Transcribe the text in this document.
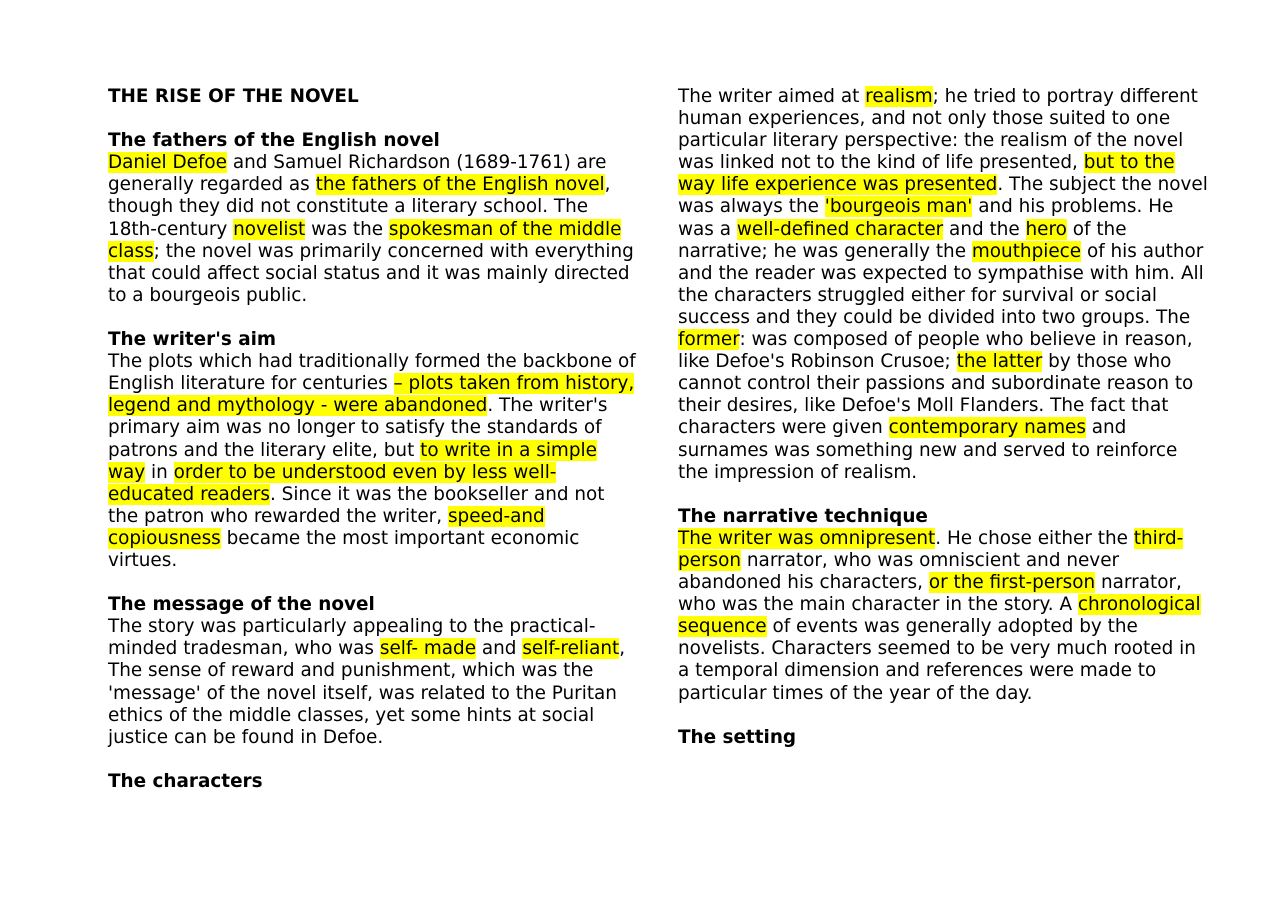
THE RISE OF THE NOVEL
The fathers of the English novel
Daniel Defoe and Samuel Richardson (1689-1761) are generally regarded as the fathers of the English novel, though they did not constitute a literary school. The 18th-century novelist was the spokesman of the middle class; the novel was primarily concerned with everything that could affect social status and it was mainly directed to a bourgeois public.
The writer's aim
The plots which had traditionally formed the backbone of English literature for centuries – plots taken from history, legend and mythology - were abandoned. The writer's primary aim was no longer to satisfy the standards of patrons and the literary elite, but to write in a simple way in order to be understood even by less well-educated readers. Since it was the bookseller and not the patron who rewarded the writer, speed-and copiousness became the most important economic virtues.
The message of the novel
The story was particularly appealing to the practical-minded tradesman, who was self- made and self-reliant, The sense of reward and punishment, which was the 'message' of the novel itself, was related to the Puritan ethics of the middle classes, yet some hints at social justice can be found in Defoe.
The characters
The writer aimed at realism; he tried to portray different human experiences, and not only those suited to one particular literary perspective: the realism of the novel was linked not to the kind of life presented, but to the way life experience was presented. The subject the novel was always the 'bourgeois man' and his problems. He was a well-defined character and the hero of the narrative; he was generally the mouthpiece of his author and the reader was expected to sympathise with him. All the characters struggled either for survival or social success and they could be divided into two groups. The former: was composed of people who believe in reason, like Defoe's Robinson Crusoe; the latter by those who cannot control their passions and subordinate reason to their desires, like Defoe's Moll Flanders. The fact that characters were given contemporary names and surnames was something new and served to reinforce the impression of realism.
The narrative technique
The writer was omnipresent. He chose either the third-person narrator, who was omniscient and never abandoned his characters, or the first-person narrator, who was the main character in the story. A chronological sequence of events was generally adopted by the novelists. Characters seemed to be very much rooted in a temporal dimension and references were made to particular times of the year of the day.
The setting
